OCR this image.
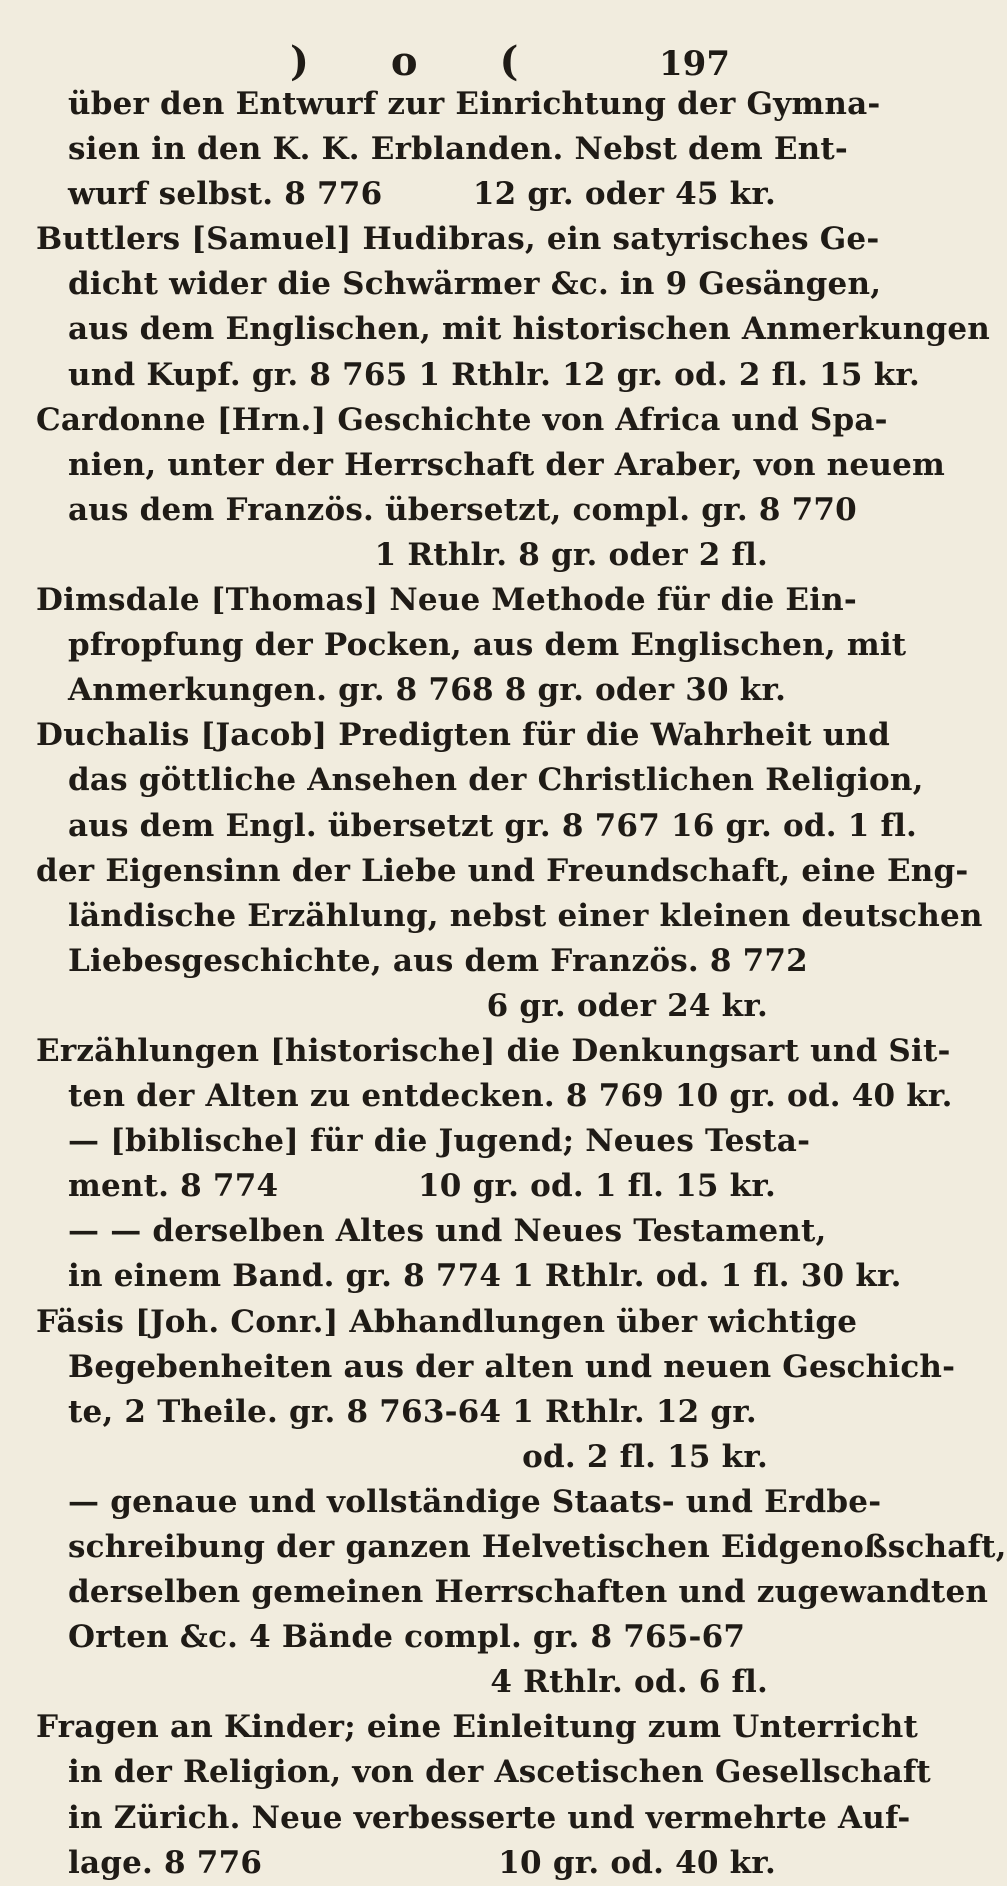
) o (	197
über den Entwurf zur Einrichtung der Gymna-
sien in den K. K. Erblanden. Nebst dem Ent-
wurf selbst. 8 776	12 gr. oder 45 kr.
Buttlers [Samuel] Hudibras, ein satyrisches Ge-
dicht wider die Schwärmer &c. in 9 Gesängen,
aus dem Englischen, mit historischen Anmerkungen
und Kupf. gr. 8 765 1 Rthlr. 12 gr. od. 2 fl. 15 kr.
Cardonne [Hrn.] Geschichte von Africa und Spa-
nien, unter der Herrschaft der Araber, von neuem
aus dem Französ. übersetzt, compl. gr. 8 770
1 Rthlr. 8 gr. oder 2 fl.
Dimsdale [Thomas] Neue Methode für die Ein-
pfropfung der Pocken, aus dem Englischen, mit
Anmerkungen. gr. 8 768 8 gr. oder 30 kr.
Duchalis [Jacob] Predigten für die Wahrheit und
das göttliche Ansehen der Christlichen Religion,
aus dem Engl. übersetzt gr. 8 767 16 gr. od. 1 fl.
der Eigensinn der Liebe und Freundschaft, eine Eng-
ländische Erzählung, nebst einer kleinen deutschen
Liebesgeschichte, aus dem Französ. 8 772
6 gr. oder 24 kr.
Erzählungen [historische] die Denkungsart und Sit-
ten der Alten zu entdecken. 8 769 10 gr. od. 40 kr.
— [biblische] für die Jugend; Neues Testa-
ment. 8 774	10 gr. od. 1 fl. 15 kr.
— — derselben Altes und Neues Testament,
in einem Band. gr. 8 774 1 Rthlr. od. 1 fl. 30 kr.
Fäsis [Joh. Conr.] Abhandlungen über wichtige
Begebenheiten aus der alten und neuen Geschich-
te, 2 Theile. gr. 8 763-64 1 Rthlr. 12 gr.
od. 2 fl. 15 kr.
— genaue und vollständige Staats- und Erdbe-
schreibung der ganzen Helvetischen Eidgenoßschaft,
derselben gemeinen Herrschaften und zugewandten
Orten &c. 4 Bände compl. gr. 8 765-67
4 Rthlr. od. 6 fl.
Fragen an Kinder; eine Einleitung zum Unterricht
in der Religion, von der Ascetischen Gesellschaft
in Zürich. Neue verbesserte und vermehrte Auf-
lage. 8 776	10 gr. od. 40 kr.
